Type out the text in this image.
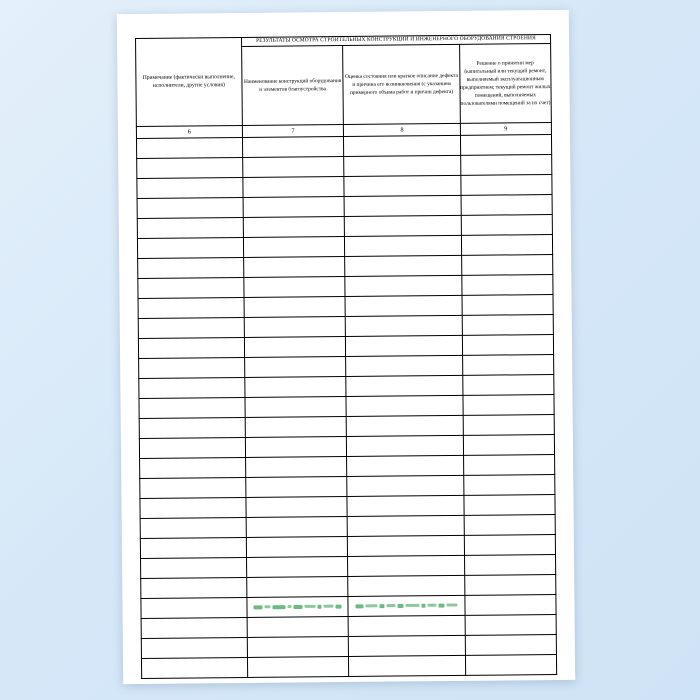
Примечание (фактически выполнение, исполнители, другие условия)	РЕЗУЛЬТАТЫ ОСМОТРА СТРОИТЕЛЬНЫХ КОНСТРУКЦИЙ И ИНЖЕНЕРНОГО ОБОРУДОВАНИЯ СТРОЕНИЯ		
	Наименование конструкций оборудования и элементов благоустройства	Оценка состояния или краткое описание дефекта и причина его возникновения (с указанием примерного объема работ и причин дефекта)	Решение о принятии мер (капитальный или текущий ремонт, выполняемый эксплуатационным предприятием; текущий ремонт жилых помещений, выполняемых пользователями помещений за их счет)
6	7	8	9
